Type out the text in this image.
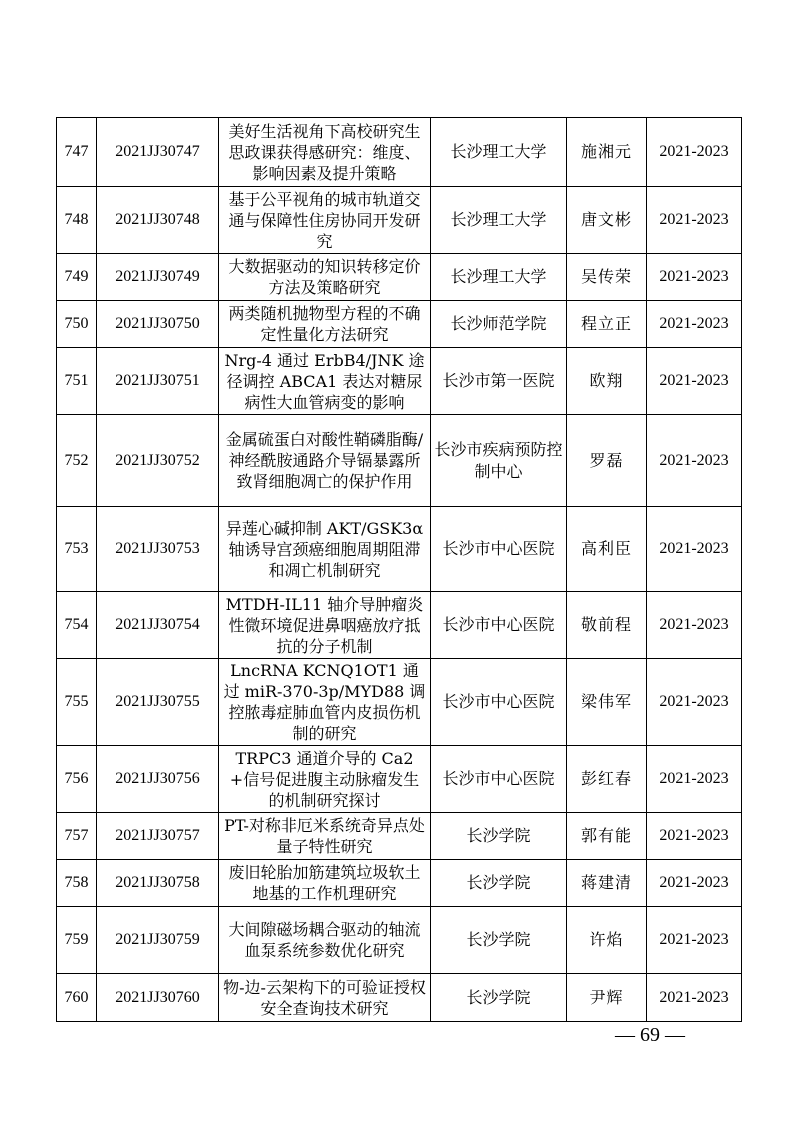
747	2021JJ30747	美好生活视角下高校研究生思政课获得感研究：维度、影响因素及提升策略	长沙理工大学	施湘元	2021-2023
748	2021JJ30748	基于公平视角的城市轨道交通与保障性住房协同开发研究	长沙理工大学	唐文彬	2021-2023
749	2021JJ30749	大数据驱动的知识转移定价方法及策略研究	长沙理工大学	吴传荣	2021-2023
750	2021JJ30750	两类随机抛物型方程的不确定性量化方法研究	长沙师范学院	程立正	2021-2023
751	2021JJ30751	Nrg-4 通过 ErbB4/JNK 途径调控 ABCA1 表达对糖尿病性大血管病变的影响	长沙市第一医院	欧翔	2021-2023
752	2021JJ30752	金属硫蛋白对酸性鞘磷脂酶/神经酰胺通路介导镉暴露所致肾细胞凋亡的保护作用	长沙市疾病预防控制中心	罗磊	2021-2023
753	2021JJ30753	异莲心碱抑制 AKT/GSK3α轴诱导宫颈癌细胞周期阻滞和凋亡机制研究	长沙市中心医院	高利臣	2021-2023
754	2021JJ30754	MTDH-IL11 轴介导肿瘤炎性微环境促进鼻咽癌放疗抵抗的分子机制	长沙市中心医院	敬前程	2021-2023
755	2021JJ30755	LncRNA KCNQ1OT1 通过 miR-370-3p/MYD88 调控脓毒症肺血管内皮损伤机制的研究	长沙市中心医院	梁伟军	2021-2023
756	2021JJ30756	TRPC3 通道介导的 Ca2+信号促进腹主动脉瘤发生的机制研究探讨	长沙市中心医院	彭红春	2021-2023
757	2021JJ30757	PT-对称非厄米系统奇异点处量子特性研究	长沙学院	郭有能	2021-2023
758	2021JJ30758	废旧轮胎加筋建筑垃圾软土地基的工作机理研究	长沙学院	蒋建清	2021-2023
759	2021JJ30759	大间隙磁场耦合驱动的轴流血泵系统参数优化研究	长沙学院	许焰	2021-2023
760	2021JJ30760	物-边-云架构下的可验证授权安全查询技术研究	长沙学院	尹辉	2021-2023
— 69 —
